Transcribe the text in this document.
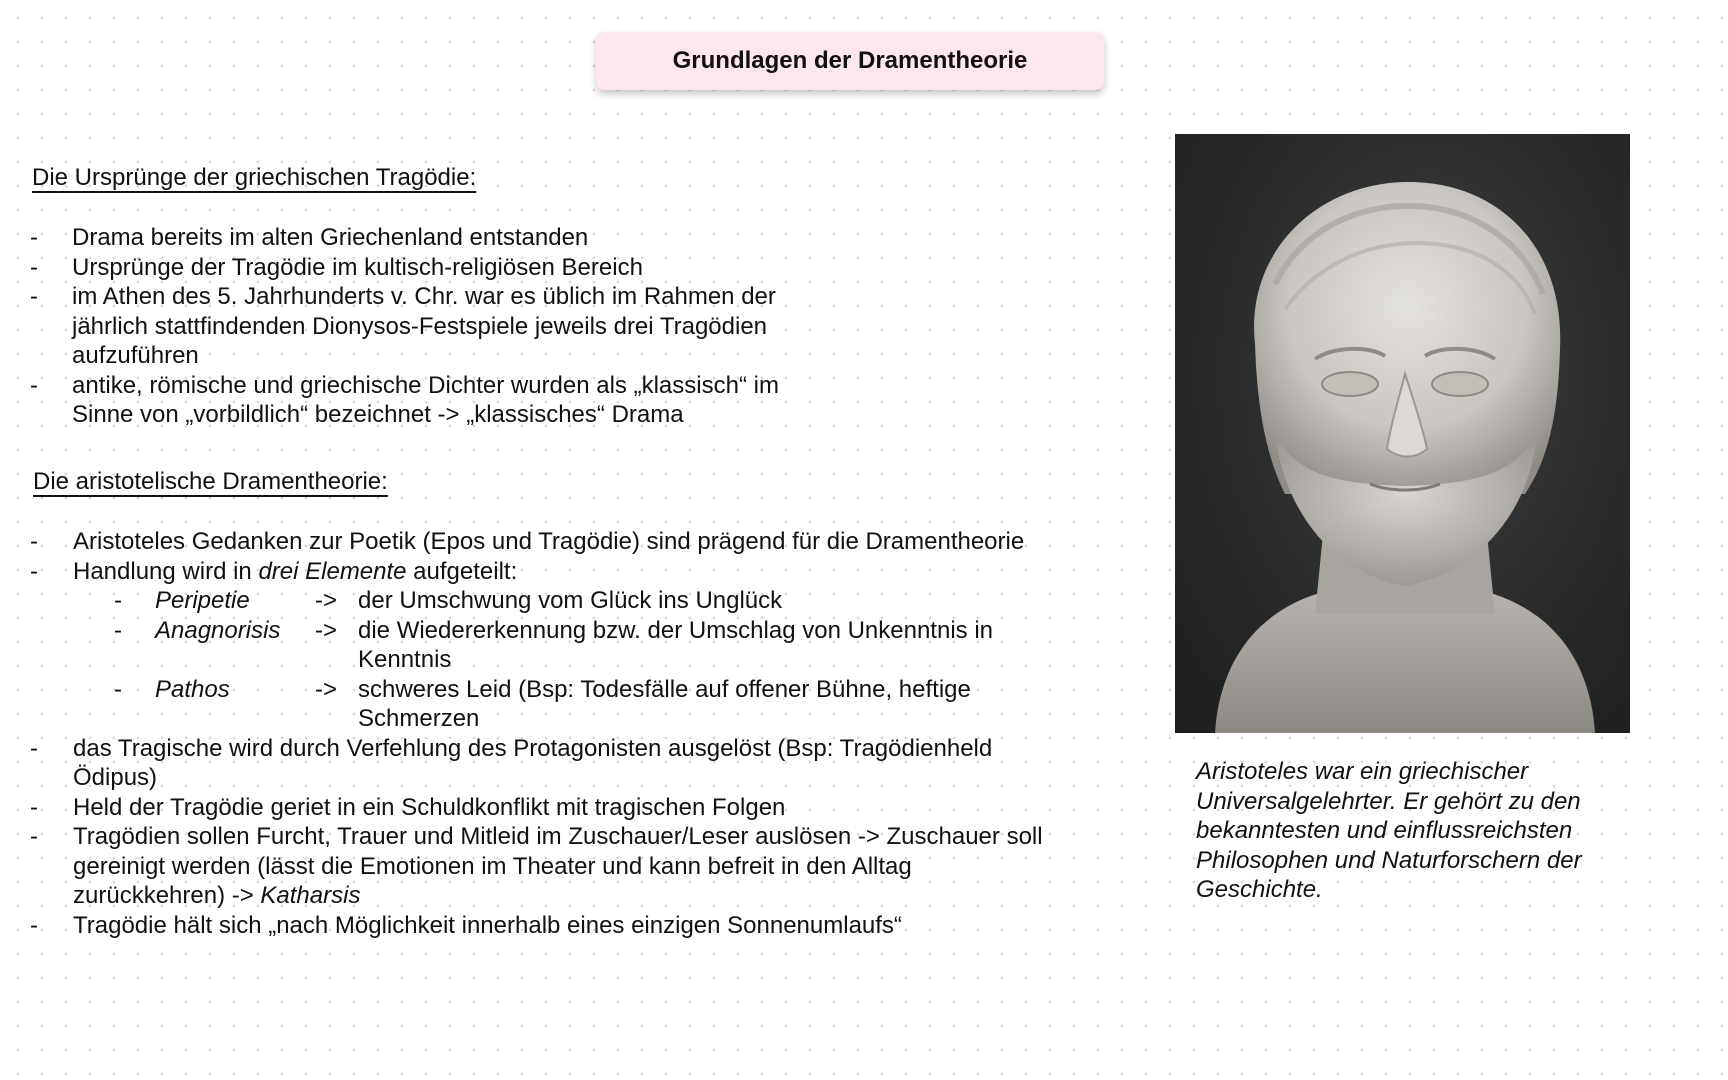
Grundlagen der Dramentheorie
Die Ursprünge der griechischen Tragödie:
- Drama bereits im alten Griechenland entstanden
- Ursprünge der Tragödie im kultisch-religiösen Bereich
- im Athen des 5. Jahrhunderts v. Chr. war es üblich im Rahmen der
jährlich stattfindenden Dionysos-Festspiele jeweils drei Tragödien
aufzuführen
- antike, römische und griechische Dichter wurden als „klassisch“ im
Sinne von „vorbildlich“ bezeichnet -> „klassisches“ Drama
Die aristotelische Dramentheorie:
- Aristoteles Gedanken zur Poetik (Epos und Tragödie) sind prägend für die Dramentheorie
- Handlung wird in drei Elemente aufgeteilt:
- Peripetie	-> der Umschwung vom Glück ins Unglück
- Anagnorisis -> die Wiedererkennung bzw. der Umschlag von Unkenntnis in
Kenntnis
- Pathos	-> schweres Leid (Bsp: Todesfälle auf offener Bühne, heftige
Schmerzen
- das Tragische wird durch Verfehlung des Protagonisten ausgelöst (Bsp: Tragödienheld
Ödipus)
- Held der Tragödie geriet in ein Schuldkonflikt mit tragischen Folgen
- Tragödien sollen Furcht, Trauer und Mitleid im Zuschauer/Leser auslösen -> Zuschauer soll
gereinigt werden (lässt die Emotionen im Theater und kann befreit in den Alltag
zurückkehren) -> Katharsis
- Tragödie hält sich „nach Möglichkeit innerhalb eines einzigen Sonnenumlaufs“
Aristoteles war ein griechischer
Universalgelehrter. Er gehört zu den
bekanntesten und einflussreichsten
Philosophen und Naturforschern der
Geschichte.
